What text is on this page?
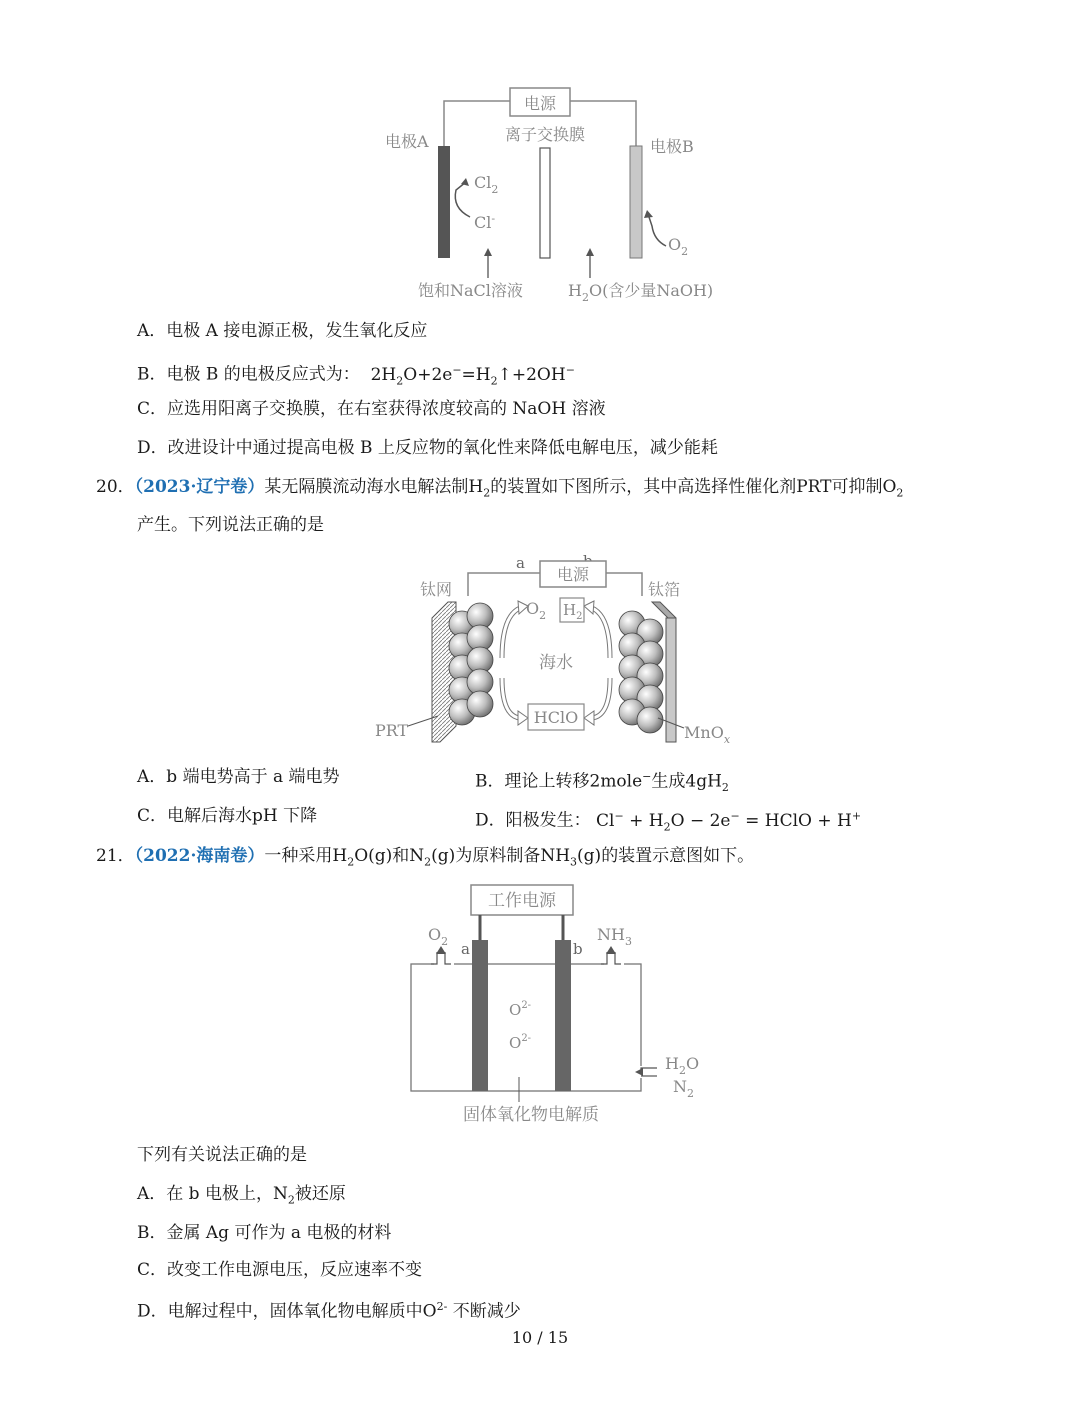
电源
离子交换膜
电极A	电极B
$Cl_2$
Cl-
$O_2$
饱和NaCl溶液	$H_2O$(含少量NaOH)
A．电极 A 接电源正极，发生氧化反应
B．电极 B 的电极反应式为： $2H_2O+2e^-=H_2↑+2OH^-$
C．应选用阳离子交换膜，在右室获得浓度较高的 NaOH 溶液
D．改进设计中通过提高电极 B 上反应物的氧化性来降低电解电压，减少能耗
20．（2023·辽宁卷）某无隔膜流动海水电解法制$H_2$的装置如下图所示，其中高选择性催化剂PRT可抑制$O_2$
产生。下列说法正确的是
a
电源
钛网	钛箔
$O_2$ $H_2$
海水
HClO
PRT	MnO$_x$
A．b 端电势高于 a 端电势	B．理论上转移2mole−生成$4gH_2$
C．电解后海水pH 下降	D．阳极发生： $Cl^- + H_2O - 2e^-$ = HClO + H+
21．（2022·海南卷）一种采用$H_2O(g)$和$N_2(g)$为原料制备$NH_3(g)$的装置示意图如下。
工作电源
$O_2$ a	b
$NH_3$
$O^{2-}$
$O^{2-}$
$H_2O$
$N_2$
固体氧化物电解质
下列有关说法正确的是
A．在 b 电极上，$N_2$被还原
B．金属 Ag 可作为 a 电极的材料
C．改变工作电源电压，反应速率不变
D．电解过程中，固体氧化物电解质中$O^{2-}$ 不断减少
10 / 15
